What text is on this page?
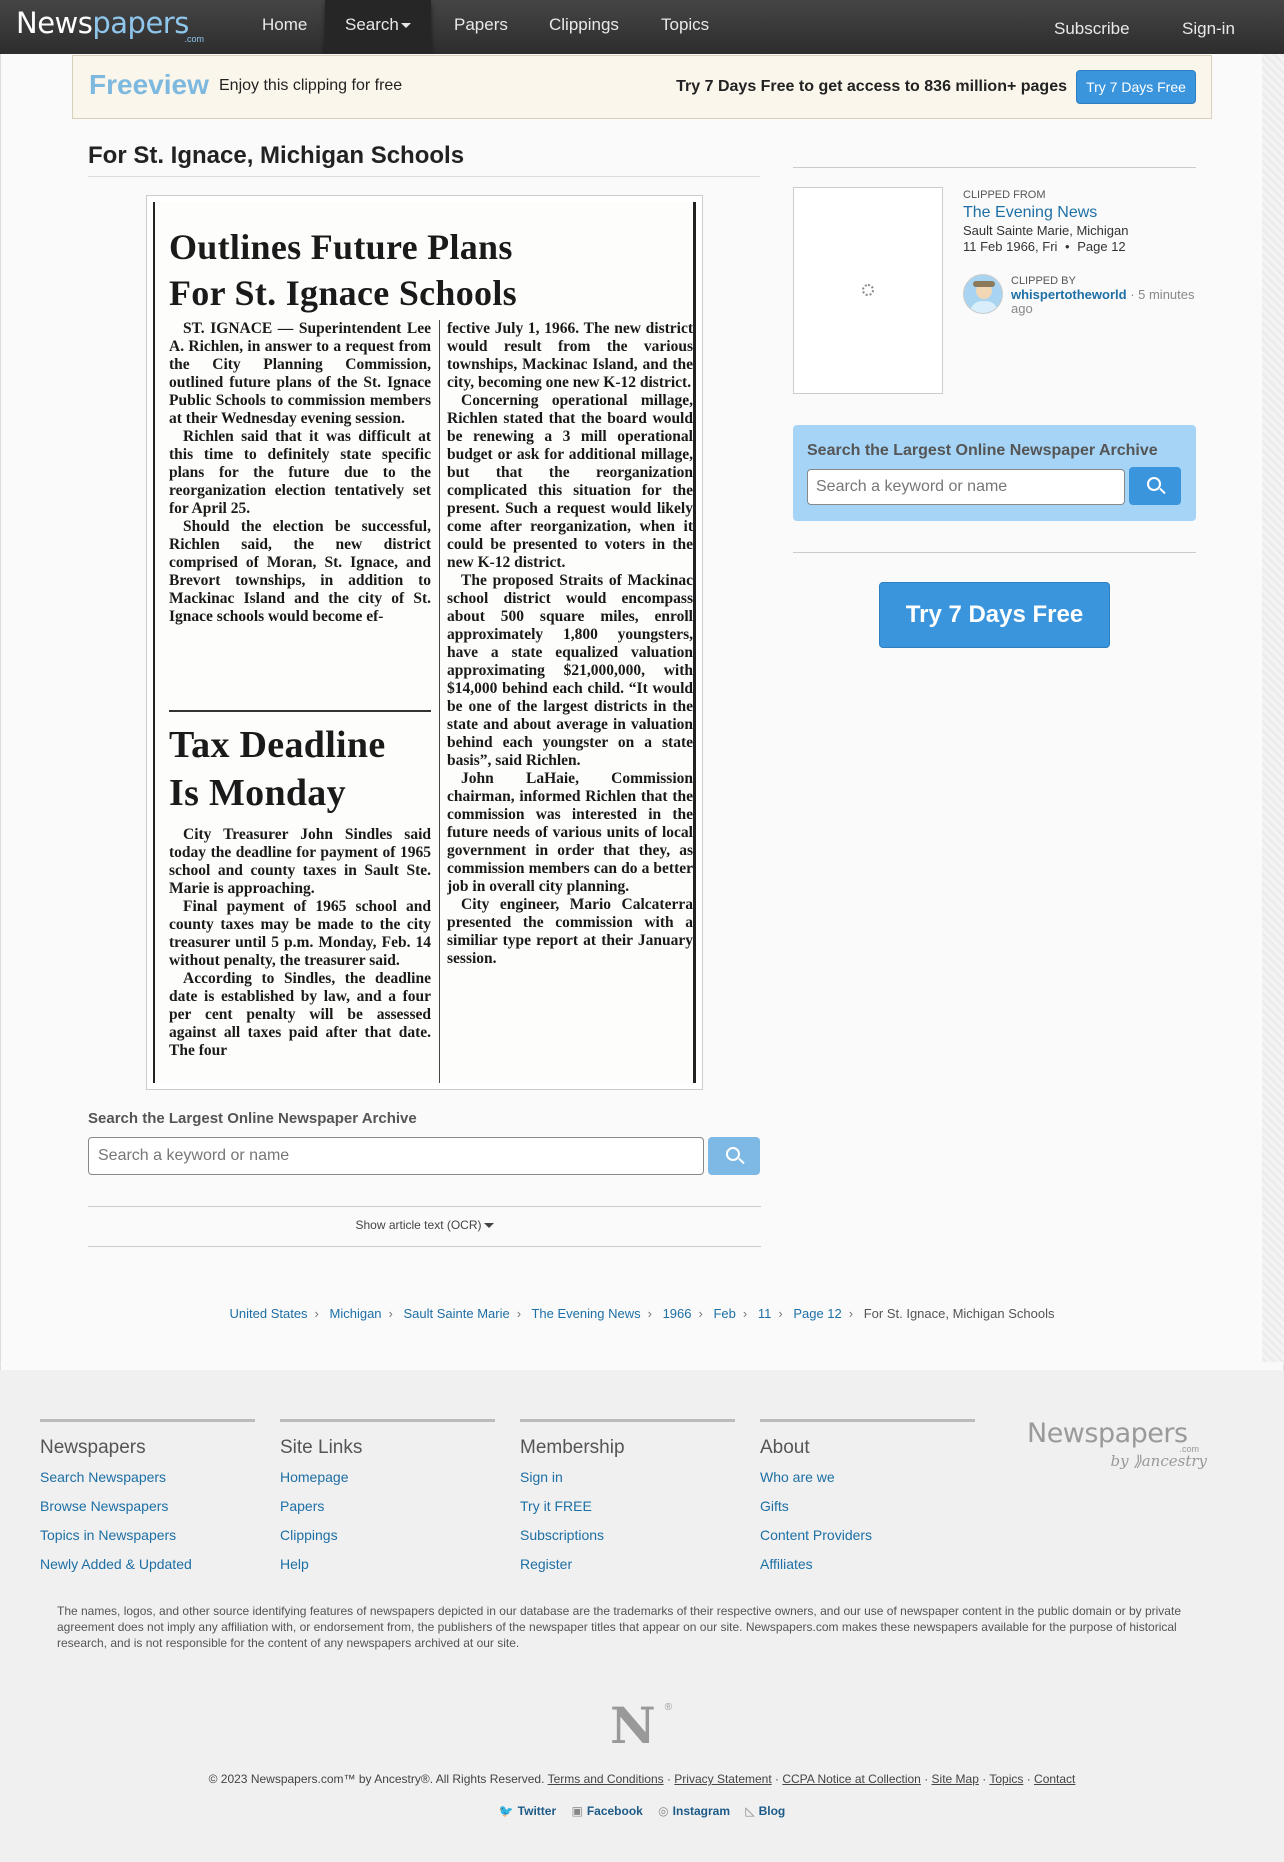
Newspapers
.com
Home	Search	Papers Clippings Topics	Subscribe	Sign-in
Freeview Enjoy this clipping for free	Try 7 Days Free to get access to 836 million+ pages	Try 7 Days Free
For St. Ignace, Michigan Schools
Outlines Future Plans
For St. Ignace Schools

ST. IGNACE — Superintendent Lee A. Richlen, in answer to a request from the City Planning Commission, outlined future plans of the St. Ignace Public Schools to commission members at their Wednesday evening session.

Richlen said that it was difficult at this time to definitely state specific plans for the future due to the reorganization election tentatively set for April 25.

Should the election be successful, Richlen said, the new district comprised of Moran, St. Ignace, and Brevort townships, in addition to Mackinac Island and the city of St. Ignace schools would become ef-

Tax Deadline
Is Monday

City Treasurer John Sindles said today the deadline for payment of 1965 school and county taxes in Sault Ste. Marie is approaching.

Final payment of 1965 school and county taxes may be made to the city treasurer until 5 p.m. Monday, Feb. 14 without penalty, the treasurer said.

According to Sindles, the deadline date is established by law, and a four per cent penalty will be assessed against all taxes paid after that date. The four

fective July 1, 1966. The new district would result from the various townships, Mackinac Island, and the city, becoming one new K-12 district.

Concerning operational millage, Richlen stated that the board would be renewing a 3 mill operational budget or ask for additional millage, but that the reorganization complicated this situation for the present. Such a request would likely come after reorganization, when it could be presented to voters in the new K-12 district.

The proposed Straits of Mackinac school district would encompass about 500 square miles, enroll approximately 1,800 youngsters, have a state equalized valuation approximating $21,000,000, with $14,000 behind each child. “It would be one of the largest districts in the state and about average in valuation behind each youngster on a state basis”, said Richlen.

John LaHaie, Commission chairman, informed Richlen that the commission was interested in the future needs of various units of local government in order that they, as commission members can do a better job in overall city planning.

City engineer, Mario Calcaterra presented the commission with a similiar type report at their January session.

Search the Largest Online Newspaper Archive
Search a keyword or name
Show article text (OCR)
United States › Michigan › Sault Sainte Marie › The Evening News › 1966 › Feb › 11 › Page 12 › For St. Ignace, Michigan Schools
CLIPPED FROM
The Evening News
Sault Sainte Marie, Michigan
11 Feb 1966, Fri • Page 12
CLIPPED BY
whispertotheworld · 5 minutes ago
Search the Largest Online Newspaper Archive
Search a keyword or name
Try 7 Days Free
Newspapers
Search Newspapers
Browse Newspapers
Topics in Newspapers
Newly Added & Updated
Site Links
Homepage
Papers
Clippings
Help
Membership
Sign in
Try it FREE
Subscriptions
Register
About
Who are we
Gifts
Content Providers
Affiliates
Newspapers
.com
by ⟫ancestry

The names, logos, and other source identifying features of newspapers depicted in our database are the trademarks of their respective owners, and our use of newspaper content in the public domain or by private agreement does not imply any affiliation with, or endorsement from, the publishers of the newspaper titles that appear on our site. Newspapers.com makes these newspapers available for the purpose of historical research, and is not responsible for the content of any newspapers archived at our site.

N ®
© 2023 Newspapers.com™ by Ancestry®. All Rights Reserved. Terms and Conditions · Privacy Statement · CCPA Notice at Collection · Site Map · Topics · Contact
🐦 Twitter ▣ Facebook ◎ Instagram ◺ Blog
